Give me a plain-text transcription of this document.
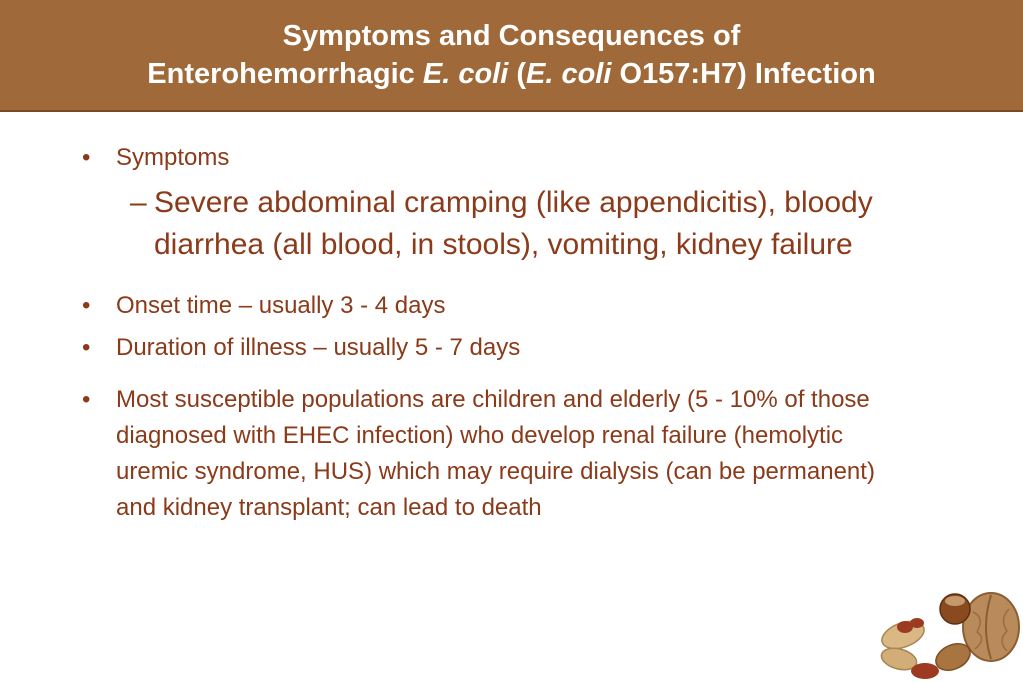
Symptoms and Consequences of
Enterohemorrhagic E. coli (E. coli O157:H7) Infection
•	Symptoms
– Severe abdominal cramping (like appendicitis), bloody diarrhea (all blood, in stools), vomiting, kidney failure
•	Onset time – usually 3 - 4 days
•	Duration of illness – usually 5 - 7 days
•	Most susceptible populations are children and elderly (5 - 10% of those diagnosed with EHEC infection) who develop renal failure (hemolytic uremic syndrome, HUS) which may require dialysis (can be permanent) and kidney transplant; can lead to death
